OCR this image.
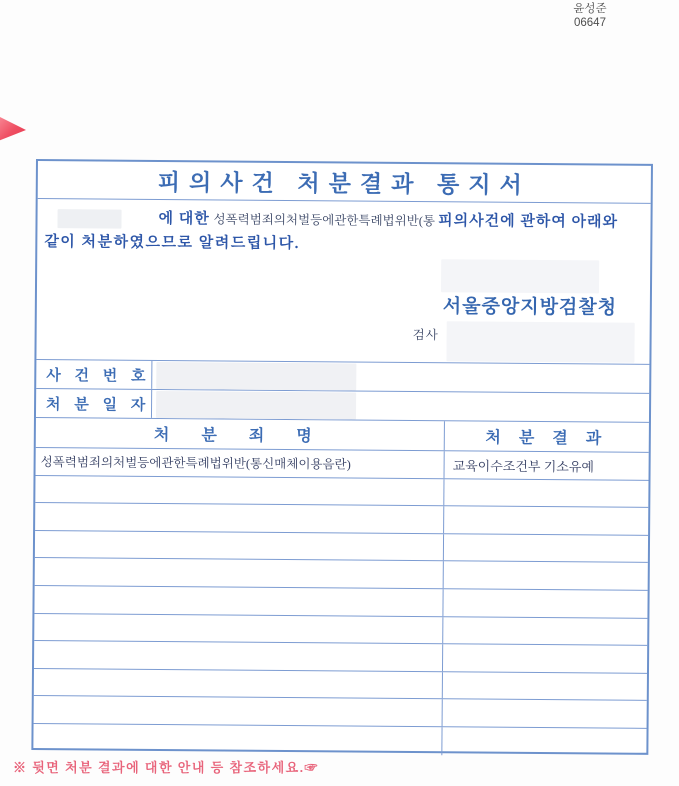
윤성준
06647
피의사건 처분결과 통지서
에 대한 성폭력범죄의처벌등에관한특례법위반(통 피의사건에 관하여 아래와
같이 처분하였으므로 알려드립니다.
서울중앙지방검찰청
검사
사 건 번 호
처 분 일 자
처 분 죄 명	처 분 결 과
성폭력범죄의처벌등에관한특례법위반(통신매체이용음란)	교육이수조건부 기소유예
※ 뒷면 처분 결과에 대한 안내 등 참조하세요.☞
